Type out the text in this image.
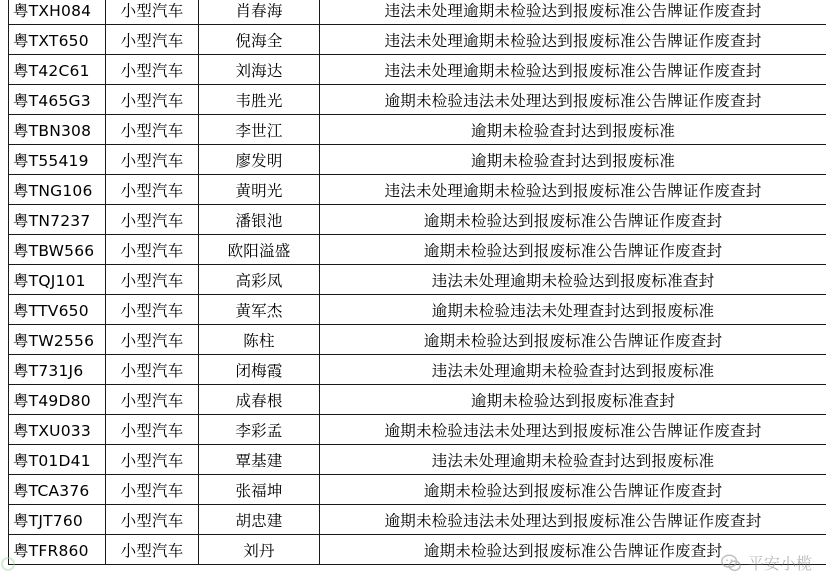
粤TXH084	小型汽车	肖春海	违法未处理逾期未检验达到报废标准公告牌证作废查封
粤TXT650	小型汽车	倪海全	违法未处理逾期未检验达到报废标准公告牌证作废查封
粤T42C61	小型汽车	刘海达	违法未处理逾期未检验达到报废标准公告牌证作废查封
粤T465G3	小型汽车	韦胜光	逾期未检验违法未处理达到报废标准公告牌证作废查封
粤TBN308	小型汽车	李世江	逾期未检验查封达到报废标准
粤T55419	小型汽车	廖发明	逾期未检验查封达到报废标准
粤TNG106	小型汽车	黄明光	违法未处理逾期未检验达到报废标准公告牌证作废查封
粤TN7237	小型汽车	潘银池	逾期未检验达到报废标准公告牌证作废查封
粤TBW566	小型汽车	欧阳溢盛	逾期未检验达到报废标准公告牌证作废查封
粤TQJ101	小型汽车	高彩凤	违法未处理逾期未检验达到报废标准查封
粤TTV650	小型汽车	黄军杰	逾期未检验违法未处理查封达到报废标准
粤TW2556	小型汽车	陈柱	逾期未检验达到报废标准公告牌证作废查封
粤T731J6	小型汽车	闭梅霞	违法未处理逾期未检验查封达到报废标准
粤T49D80	小型汽车	成春根	逾期未检验达到报废标准查封
粤TXU033	小型汽车	李彩孟	逾期未检验违法未处理达到报废标准公告牌证作废查封
粤T01D41	小型汽车	覃基建	违法未处理逾期未检验查封达到报废标准
粤TCA376	小型汽车	张福坤	逾期未检验达到报废标准公告牌证作废查封
粤TJT760	小型汽车	胡忠建	逾期未检验违法未处理达到报废标准公告牌证作废查封
粤TFR860	小型汽车	刘丹	逾期未检验达到报废标准公告牌证作废查封
平安小榄
